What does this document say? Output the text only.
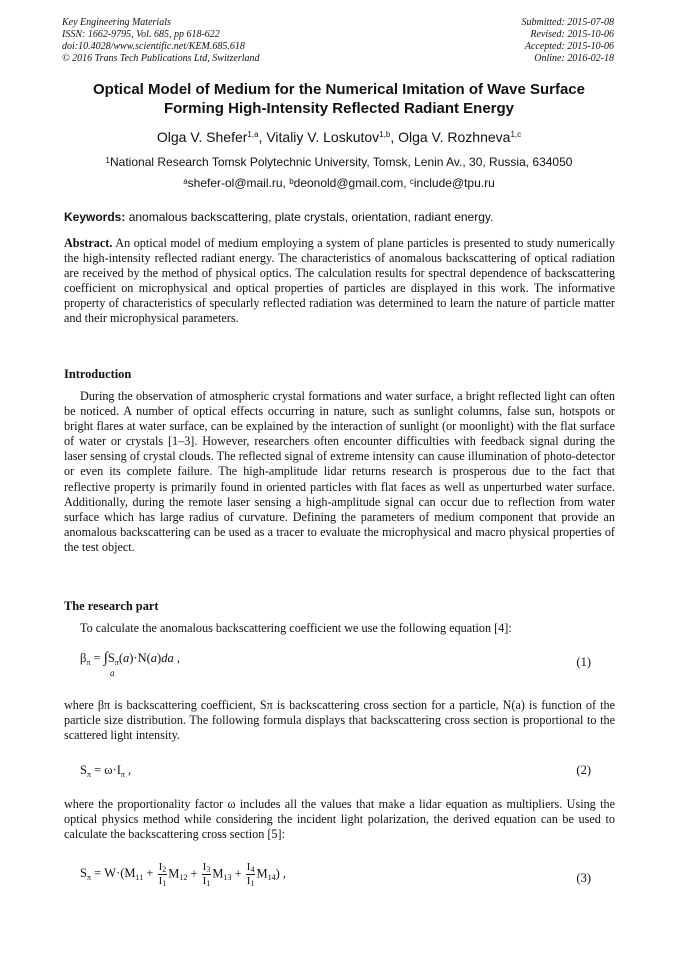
Key Engineering Materials
ISSN: 1662-9795, Vol. 685, pp 618-622
doi:10.4028/www.scientific.net/KEM.685.618
© 2016 Trans Tech Publications Ltd, Switzerland
Submitted: 2015-07-08
Revised: 2015-10-06
Accepted: 2015-10-06
Online: 2016-02-18
Optical Model of Medium for the Numerical Imitation of Wave Surface
Forming High-Intensity Reflected Radiant Energy
Olga V. Shefer$^{1,a}$, Vitaliy V. Loskutov$^{1,b}$, Olga V. Rozhneva$^{1,c}$
$^1$National Research Tomsk Polytechnic University, Tomsk, Lenin Av., 30, Russia, 634050
$^a$shefer-ol@mail.ru, $^b$deonold@gmail.com, $^c$include@tpu.ru
Keywords: anomalous backscattering, plate crystals, orientation, radiant energy.
Abstract. An optical model of medium employing a system of plane particles is presented to study numerically the high-intensity reflected radiant energy. The characteristics of anomalous backscattering of optical radiation are received by the method of physical optics. The calculation results for spectral dependence of backscattering coefficient on microphysical and optical properties of particles are displayed in this work. The informative property of characteristics of specularly reflected radiation was determined to learn the nature of particle matter and their microphysical parameters.
Introduction
During the observation of atmospheric crystal formations and water surface, a bright reflected light can often be noticed. A number of optical effects occurring in nature, such as sunlight columns, false sun, hotspots or bright flares at water surface, can be explained by the interaction of sunlight (or moonlight) with the flat surface of water or crystals [1–3]. However, researchers often encounter difficulties with feedback signal during the laser sensing of crystal clouds. The reflected signal of extreme intensity can cause illumination of photo-detector or even its complete failure. The high-amplitude lidar returns research is prosperous due to the fact that reflective property is primarily found in oriented particles with flat faces as well as unperturbed water surface. Additionally, during the remote laser sensing a high-amplitude signal can occur due to reflection from water surface which has large radius of curvature. Defining the parameters of medium component that provide an anomalous backscattering can be used as a tracer to evaluate the microphysical and macro physical properties of the test object.
The research part
To calculate the anomalous backscattering coefficient we use the following equation [4]:
$\beta_\pi = \int S_\pi(a)\cdot N(a)da$ ,
a
(1)
where βπ is backscattering coefficient, Sπ is backscattering cross section for a particle, N(a) is function of the particle size distribution. The following formula displays that backscattering cross section is proportional to the scattered light intensity.
$S_\pi = \omega\cdot I_\pi$ ,	(2)
where the proportionality factor ω includes all the values that make a lidar equation as multipliers. Using the optical physics method while considering the incident light polarization, the derived equation can be used to calculate the backscattering cross section [5]:
$S_\pi = W\cdot(M_{11} + \frac{I2}{I1} M_{12} + \frac{I3}{I1} M_{13} + \frac{I4}{I1} M_{14})$ ,	(3)
